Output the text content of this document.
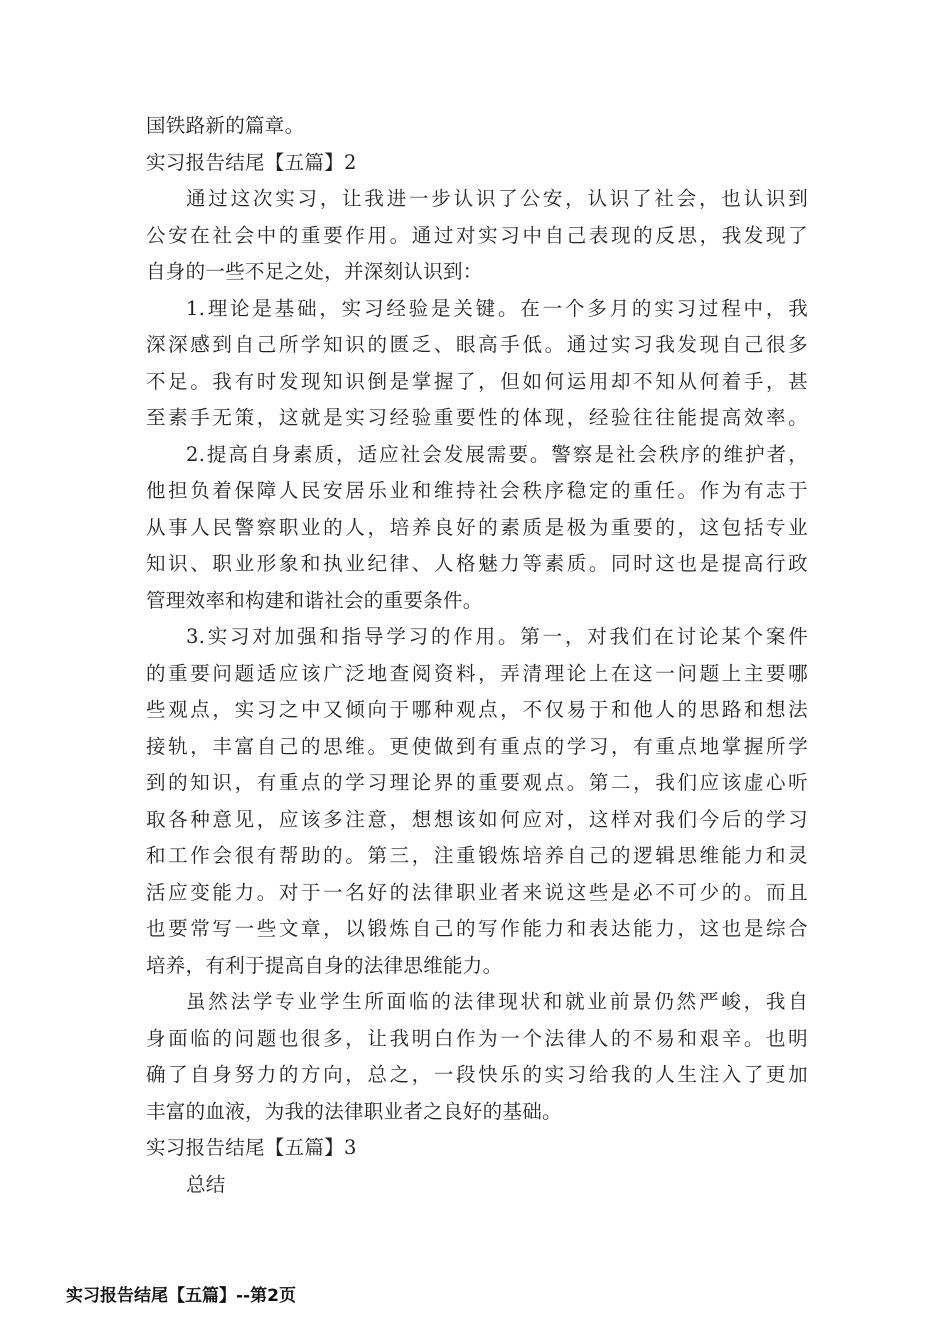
国铁路新的篇章。
实习报告结尾【五篇】2
通过这次实习，让我进一步认识了公安，认识了社会，也认识到
公安在社会中的重要作用。通过对实习中自己表现的反思，我发现了
自身的一些不足之处，并深刻认识到：
1.理论是基础，实习经验是关键。在一个多月的实习过程中，我
深深感到自己所学知识的匮乏、眼高手低。通过实习我发现自己很多
不足。我有时发现知识倒是掌握了，但如何运用却不知从何着手，甚
至素手无策，这就是实习经验重要性的体现，经验往往能提高效率。
2.提高自身素质，适应社会发展需要。警察是社会秩序的维护者，
他担负着保障人民安居乐业和维持社会秩序稳定的重任。作为有志于
从事人民警察职业的人，培养良好的素质是极为重要的，这包括专业
知识、职业形象和执业纪律、人格魅力等素质。同时这也是提高行政
管理效率和构建和谐社会的重要条件。
3.实习对加强和指导学习的作用。第一，对我们在讨论某个案件
的重要问题适应该广泛地查阅资料，弄清理论上在这一问题上主要哪
些观点，实习之中又倾向于哪种观点，不仅易于和他人的思路和想法
接轨，丰富自己的思维。更使做到有重点的学习，有重点地掌握所学
到的知识，有重点的学习理论界的重要观点。第二，我们应该虚心听
取各种意见，应该多注意，想想该如何应对，这样对我们今后的学习
和工作会很有帮助的。第三，注重锻炼培养自己的逻辑思维能力和灵
活应变能力。对于一名好的法律职业者来说这些是必不可少的。而且
也要常写一些文章，以锻炼自己的写作能力和表达能力，这也是综合
培养，有利于提高自身的法律思维能力。
虽然法学专业学生所面临的法律现状和就业前景仍然严峻，我自
身面临的问题也很多，让我明白作为一个法律人的不易和艰辛。也明
确了自身努力的方向，总之，一段快乐的实习给我的人生注入了更加
丰富的血液，为我的法律职业者之良好的基础。
实习报告结尾【五篇】3
总结
实习报告结尾【五篇】--第2页
